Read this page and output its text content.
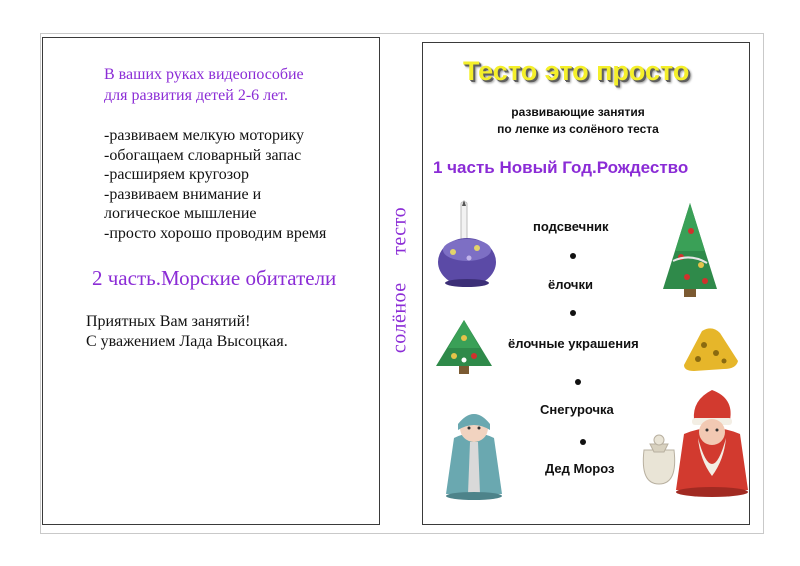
В ваших руках видеопособие
для развития детей 2-6 лет.
-развиваем мелкую моторику
-обогащаем словарный запас
-расширяем кругозор
-развиваем внимание и
логическое мышление
-просто хорошо проводим время
2 часть.Морские обитатели
Приятных Вам занятий!
С уважением Лада Высоцкая.	солёное тесто
Тесто это просто
развивающие занятия
по лепке из солёного теста
1 часть Новый Год.Рождество
подсвечник
ёлочки
ёлочные украшения
Снегурочка
Дед Мороз
